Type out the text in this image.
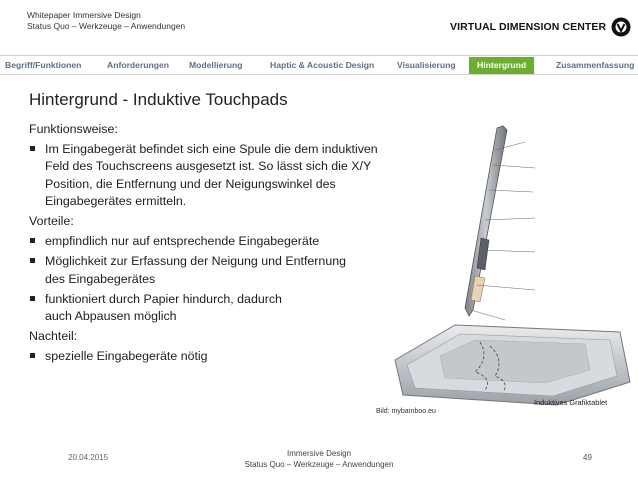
Whitepaper Immersive Design
Status Quo – Werkzeuge – Anwendungen	VIRTUAL DIMENSION CENTER
Begriff/Funktionen	Anforderungen Modellierung	Haptic & Acoustic Design	Visualisierung	Hintergrund	Zusammenfassung
Hintergrund - Induktive Touchpads
Funktionsweise:
Im Eingabegerät befindet sich eine Spule die dem induktiven Feld des Touchscreens ausgesetzt ist. So lässt sich die X/Y Position, die Entfernung und der Neigungswinkel des Eingabegerätes ermitteln.
Vorteile:
empfindlich nur auf entsprechende Eingabegeräte
Möglichkeit zur Erfassung der Neigung und Entfernung des Eingabegerätes
funktioniert durch Papier hindurch, dadurch auch Abpausen möglich
Nachteil:
spezielle Eingabegeräte nötig
Bild: mybamboo.eu
Induktives Grafiktablet
20.04.2015	Immersive Design
Status Quo – Werkzeuge – Anwendungen
49
